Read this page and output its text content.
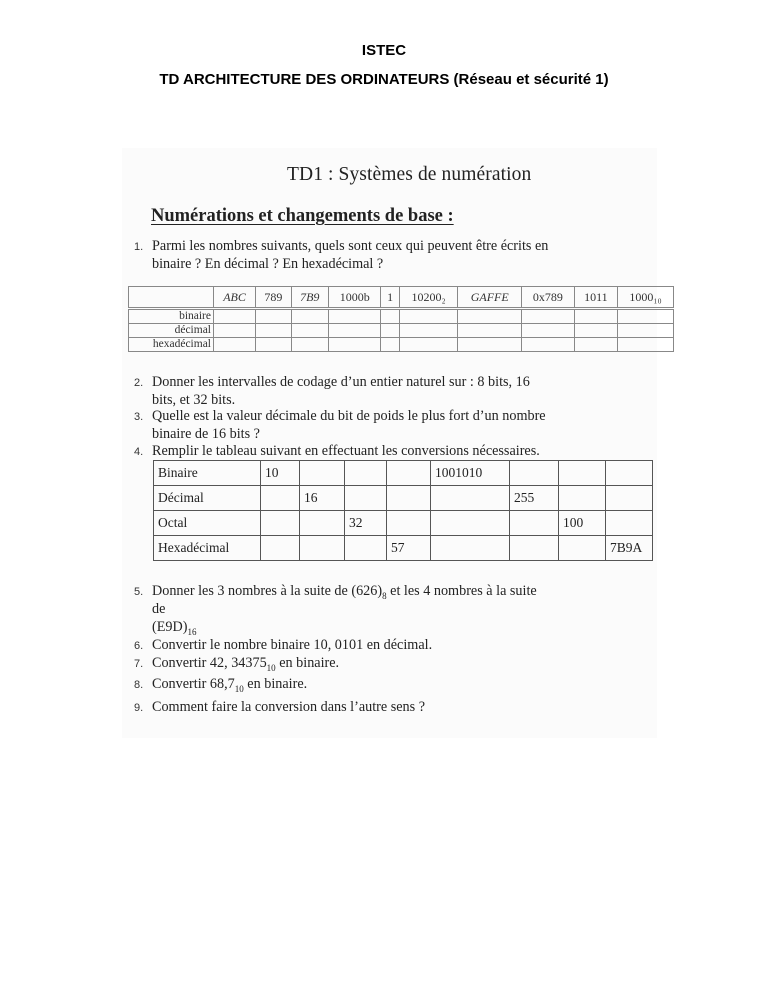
ISTEC
TD ARCHITECTURE DES ORDINATEURS (Réseau et sécurité 1)
TD1 : Systèmes de numération
Numérations et changements de base :
1. Parmi les nombres suivants, quels sont ceux qui peuvent être écrits en
binaire ? En décimal ? En hexadécimal ?
	ABC	789	7B9	1000b	1	10200₂	GAFFE	0x789	1011	1000₁₀
binaire										
décimal										
hexadécimal										
2. Donner les intervalles de codage d’un entier naturel sur : 8 bits, 16
bits, et 32 bits.
3. Quelle est la valeur décimale du bit de poids le plus fort d’un nombre
binaire de 16 bits ?
4. Remplir le tableau suivant en effectuant les conversions nécessaires.
Binaire	10				1001010			
Décimal		16				255		
Octal			32				100	
Hexadécimal				57				7B9A
5. Donner les 3 nombres à la suite de $(626)_8$ et les 4 nombres à la suite
de
$(E9D)_{16}$
6. Convertir le nombre binaire 10, 0101 en décimal.
7. Convertir 42, $34375_{10}$ en binaire.
8. Convertir $68,7_{10}$ en binaire.
9. Comment faire la conversion dans l’autre sens ?
